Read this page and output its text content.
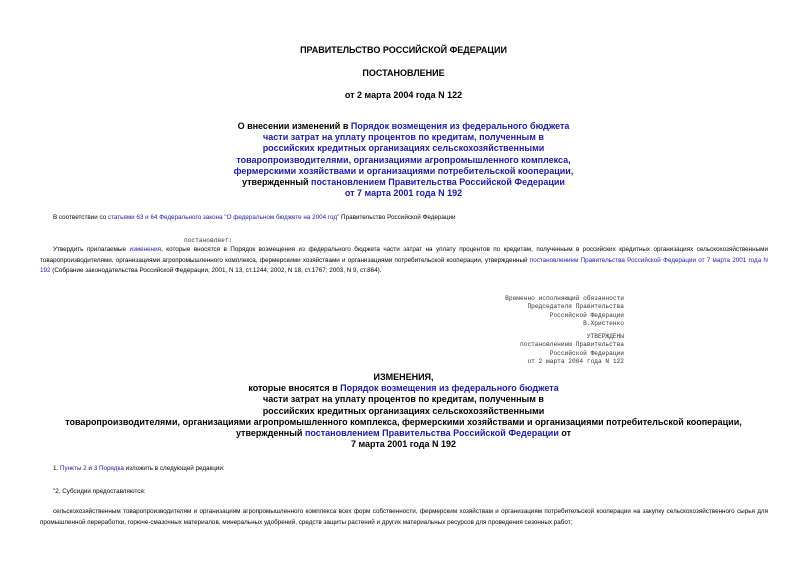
ПРАВИТЕЛЬСТВО РОССИЙСКОЙ ФЕДЕРАЦИИ
ПОСТАНОВЛЕНИЕ
от 2 марта 2004 года N 122
О внесении изменений в Порядок возмещения из федерального бюджета
части затрат на уплату процентов по кредитам, полученным в
российских кредитных организациях сельскохозяйственными
товаропроизводителями, организациями агропромышленного комплекса,
фермерскими хозяйствами и организациями потребительской кооперации,
утвержденный постановлением Правительства Российской Федерации
от 7 марта 2001 года N 192
В соответствии со статьями 63 и 64 Федерального закона "О федеральном бюджете на 2004 год" Правительство Российской Федерации
постановляет:
Утвердить прилагаемые изменения, которые вносятся в Порядок возмещения из федерального бюджета части затрат на уплату процентов по кредитам, полученным в российских кредитных организациях сельскохозяйственными товаропроизводителями, организациями агропромышленного комплекса, фермерскими хозяйствами и организациями потребительской кооперации, утвержденный постановлением Правительства Российской Федерации от 7 марта 2001 года N 192 (Собрание законодательства Российской Федерации, 2001, N 13, ст.1244; 2002, N 18, ст.1767; 2003, N 9, ст.864).
Временно исполняющий обязанности
Председателя Правительства
Российской Федерации
В.Христенко
УТВЕРЖДЕНЫ
постановлением Правительства
Российской Федерации
от 2 марта 2004 года N 122
ИЗМЕНЕНИЯ,
которые вносятся в Порядок возмещения из федерального бюджета
части затрат на уплату процентов по кредитам, полученным в
российских кредитных организациях сельскохозяйственными
товаропроизводителями, организациями агропромышленного комплекса, фермерскими хозяйствами и организациями потребительской кооперации,
утвержденный постановлением Правительства Российской Федерации от
7 марта 2001 года N 192
1. Пункты 2 и 3 Порядка изложить в следующей редакции:
"2. Субсидии предоставляются:
сельскохозяйственным товаропроизводителям и организациям агропромышленного комплекса всех форм собственности, фермерским хозяйствам и организациям потребительской кооперации на закупку сельскохозяйственного сырья для промышленной переработки, горюче-смазочных материалов, минеральных удобрений, средств защиты растений и других материальных ресурсов для проведения сезонных работ;
